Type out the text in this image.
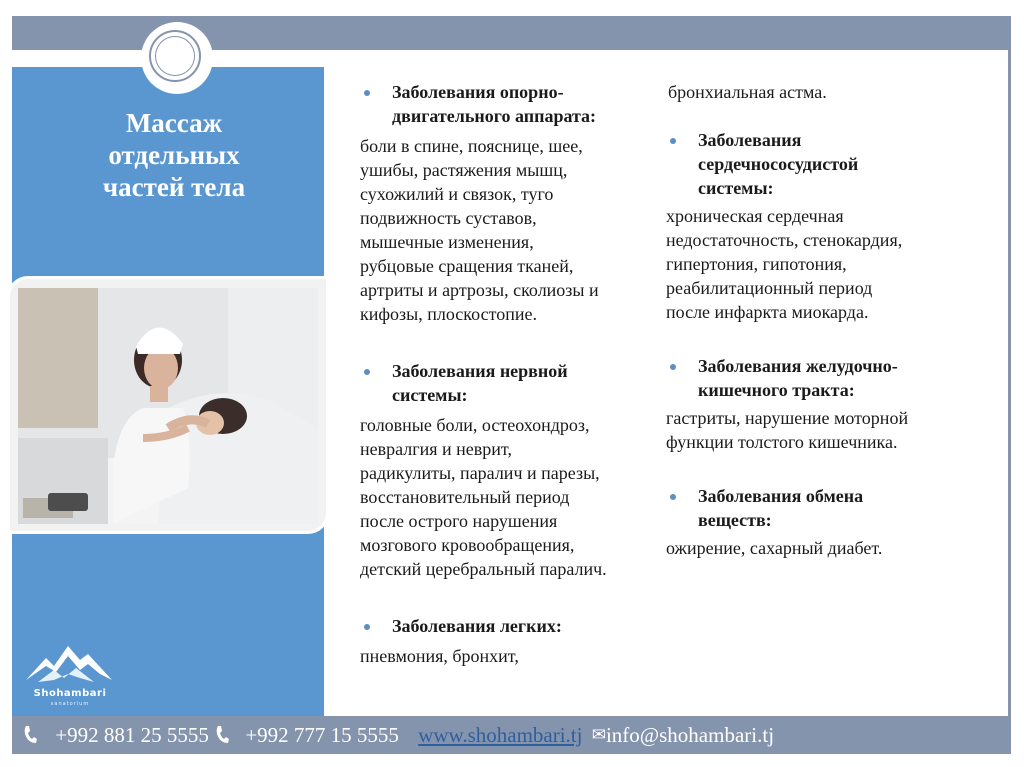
Массаж
отдельных
частей тела
Shohambari
sanatorium
Заболевания опорно-
двигательного аппарата:
боли в спине, пояснице, шее,
ушибы, растяжения мышц,
сухожилий и связок, туго
подвижность суставов,
мышечные изменения,
рубцовые сращения тканей,
артриты и артрозы, сколиозы и
кифозы, плоскостопие.
Заболевания нервной
системы:
головные боли, остеохондроз,
невралгия и неврит,
радикулиты, паралич и парезы,
восстановительный период
после острого нарушения
мозгового кровообращения,
детский церебральный паралич.
Заболевания легких:
пневмония, бронхит,
бронхиальная астма.
Заболевания
сердечнососудистой
системы:
хроническая сердечная
недостаточность, стенокардия,
гипертония, гипотония,
реабилитационный период
после инфаркта миокарда.
Заболевания желудочно-
кишечного тракта:
гастриты, нарушение моторной
функции толстого кишечника.
Заболевания обмена
веществ:
ожирение, сахарный диабет.
+992 881 25 5555 +992 777 15 5555 www.shohambari.tj ✉info@shohambari.tj
